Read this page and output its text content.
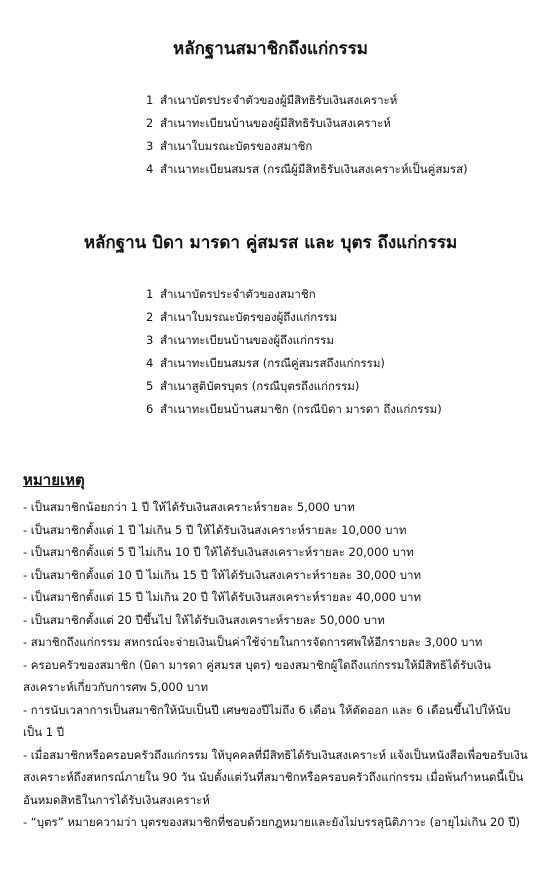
หลักฐานสมาชิกถึงแก่กรรม
1 สำเนาบัตรประจำตัวของผู้มีสิทธิรับเงินสงเคราะห์
2 สำเนาทะเบียนบ้านของผู้มีสิทธิรับเงินสงเคราะห์
3 สำเนาใบมรณะบัตรของสมาชิก
4 สำเนาทะเบียนสมรส (กรณีผู้มีสิทธิรับเงินสงเคราะห์เป็นคู่สมรส)
หลักฐาน บิดา มารดา คู่สมรส และ บุตร ถึงแก่กรรม
1 สำเนาบัตรประจำตัวของสมาชิก
2 สำเนาใบมรณะบัตรของผู้ถึงแก่กรรม
3 สำเนาทะเบียนบ้านของผู้ถึงแก่กรรม
4 สำเนาทะเบียนสมรส (กรณีคู่สมรสถึงแก่กรรม)
5 สำเนาสูติบัตรบุตร (กรณีบุตรถึงแก่กรรม)
6 สำเนาทะเบียนบ้านสมาชิก (กรณีบิดา มารดา ถึงแก่กรรม)
หมายเหตุ
- เป็นสมาชิกน้อยกว่า 1 ปี ให้ได้รับเงินสงเคราะห์รายละ 5,000 บาท
- เป็นสมาชิกตั้งแต่ 1 ปี ไม่เกิน 5 ปี ให้ได้รับเงินสงเคราะห์รายละ 10,000 บาท
- เป็นสมาชิกตั้งแต่ 5 ปี ไม่เกิน 10 ปี ให้ได้รับเงินสงเคราะห์รายละ 20,000 บาท
- เป็นสมาชิกตั้งแต่ 10 ปี ไม่เกิน 15 ปี ให้ได้รับเงินสงเคราะห์รายละ 30,000 บาท
- เป็นสมาชิกตั้งแต่ 15 ปี ไม่เกิน 20 ปี ให้ได้รับเงินสงเคราะห์รายละ 40,000 บาท
- เป็นสมาชิกตั้งแต่ 20 ปีขึ้นไป ให้ได้รับเงินสงเคราะห์รายละ 50,000 บาท
- สมาชิกถึงแก่กรรม สหกรณ์จะจ่ายเงินเป็นค่าใช้จ่ายในการจัดการศพให้อีกรายละ 3,000 บาท
- ครอบครัวของสมาชิก (บิดา มารดา คู่สมรส บุตร) ของสมาชิกผู้ใดถึงแก่กรรมให้มีสิทธิได้รับเงินสงเคราะห์เกี่ยวกับการศพ 5,000 บาท
- การนับเวลาการเป็นสมาชิกให้นับเป็นปี เศษของปีไม่ถึง 6 เดือน ให้ตัดออก และ 6 เดือนขึ้นไปให้นับเป็น 1 ปี
- เมื่อสมาชิกหรือครอบครัวถึงแก่กรรม ให้บุคคลที่มีสิทธิได้รับเงินสงเคราะห์ แจ้งเป็นหนังสือเพื่อขอรับเงินสงเคราะห์ถึงสหกรณ์ภายใน 90 วัน นับตั้งแต่วันที่สมาชิกหรือครอบครัวถึงแก่กรรม เมื่อพ้นกำหนดนี้เป็นอันหมดสิทธิในการได้รับเงินสงเคราะห์
- “บุตร” หมายความว่า บุตรของสมาชิกที่ชอบด้วยกฎหมายและยังไม่บรรลุนิติภาวะ (อายุไม่เกิน 20 ปี)
